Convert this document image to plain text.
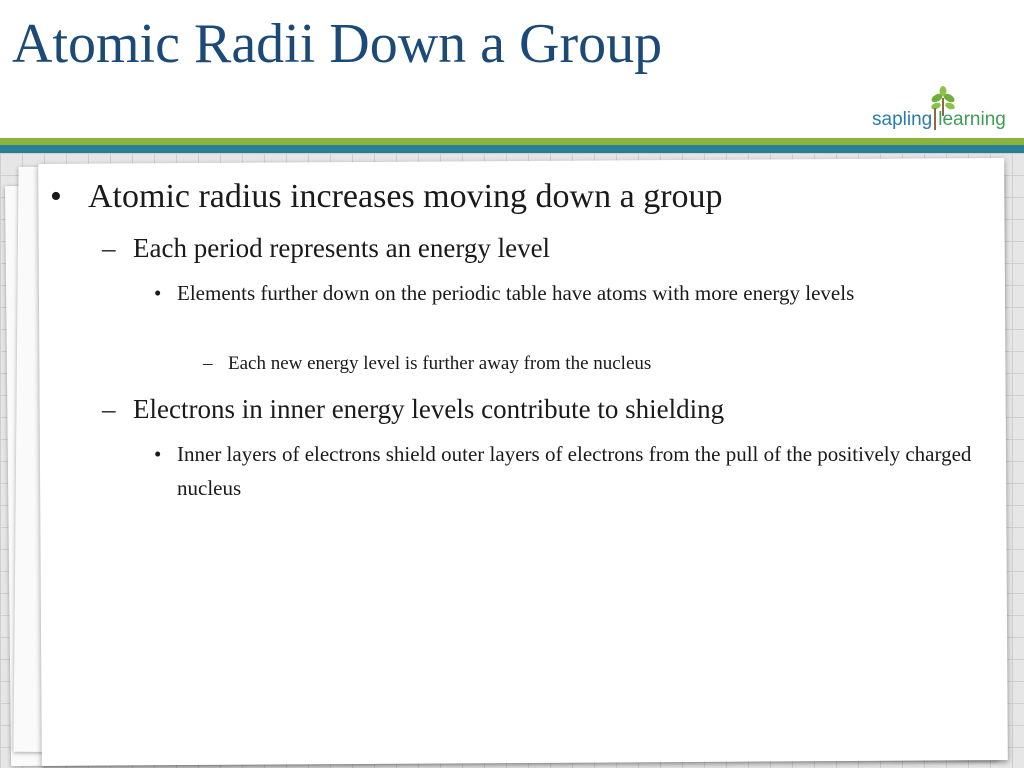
Atomic Radii Down a Group
sapling learning
• Atomic radius increases moving down a group
– Each period represents an energy level
• Elements further down on the periodic table have atoms with more energy levels
– Each new energy level is further away from the nucleus
– Electrons in inner energy levels contribute to shielding
• Inner layers of electrons shield outer layers of electrons from the pull of the positively charged nucleus
